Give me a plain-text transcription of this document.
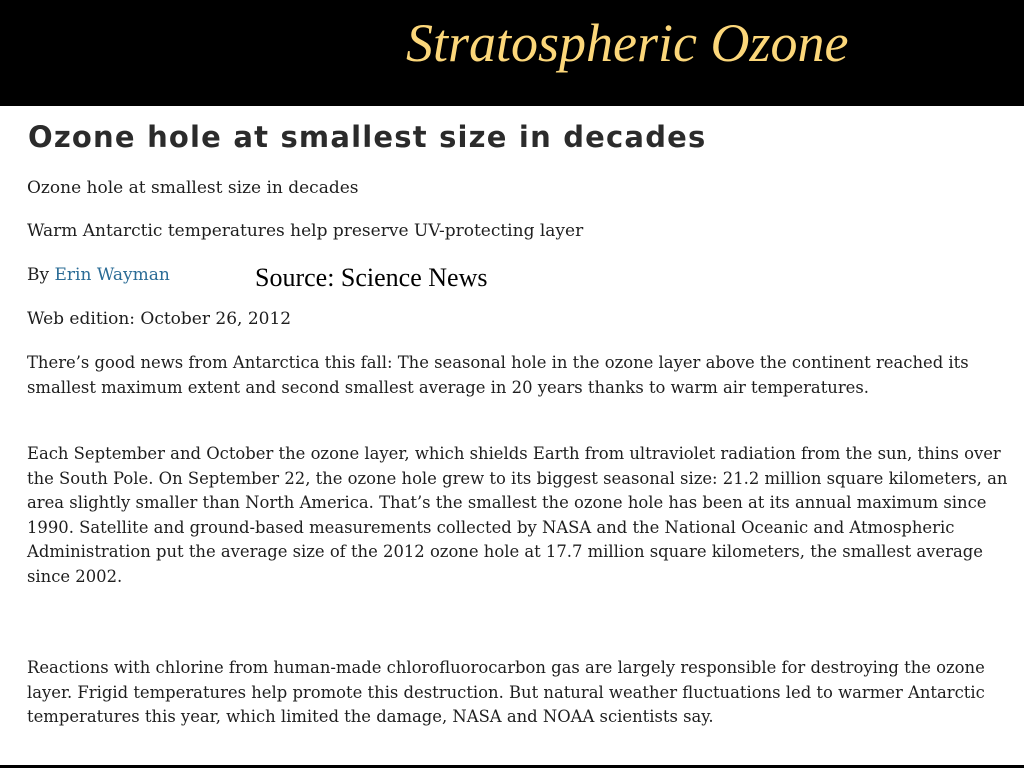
Stratospheric Ozone
Ozone hole at smallest size in decades

Ozone hole at smallest size in decades

Warm Antarctic temperatures help preserve UV-protecting layer

By Erin Wayman	Source: Science News

Web edition: October 26, 2012

There’s good news from Antarctica this fall: The seasonal hole in the ozone layer above the continent reached its smallest maximum extent and second smallest average in 20 years thanks to warm air temperatures.

Each September and October the ozone layer, which shields Earth from ultraviolet radiation from the sun, thins over the South Pole. On September 22, the ozone hole grew to its biggest seasonal size: 21.2 million square kilometers, an area slightly smaller than North America. That’s the smallest the ozone hole has been at its annual maximum since 1990. Satellite and ground-based measurements collected by NASA and the National Oceanic and Atmospheric Administration put the average size of the 2012 ozone hole at 17.7 million square kilometers, the smallest average since 2002.

Reactions with chlorine from human-made chlorofluorocarbon gas are largely responsible for destroying the ozone layer. Frigid temperatures help promote this destruction. But natural weather fluctuations led to warmer Antarctic temperatures this year, which limited the damage, NASA and NOAA scientists say.
